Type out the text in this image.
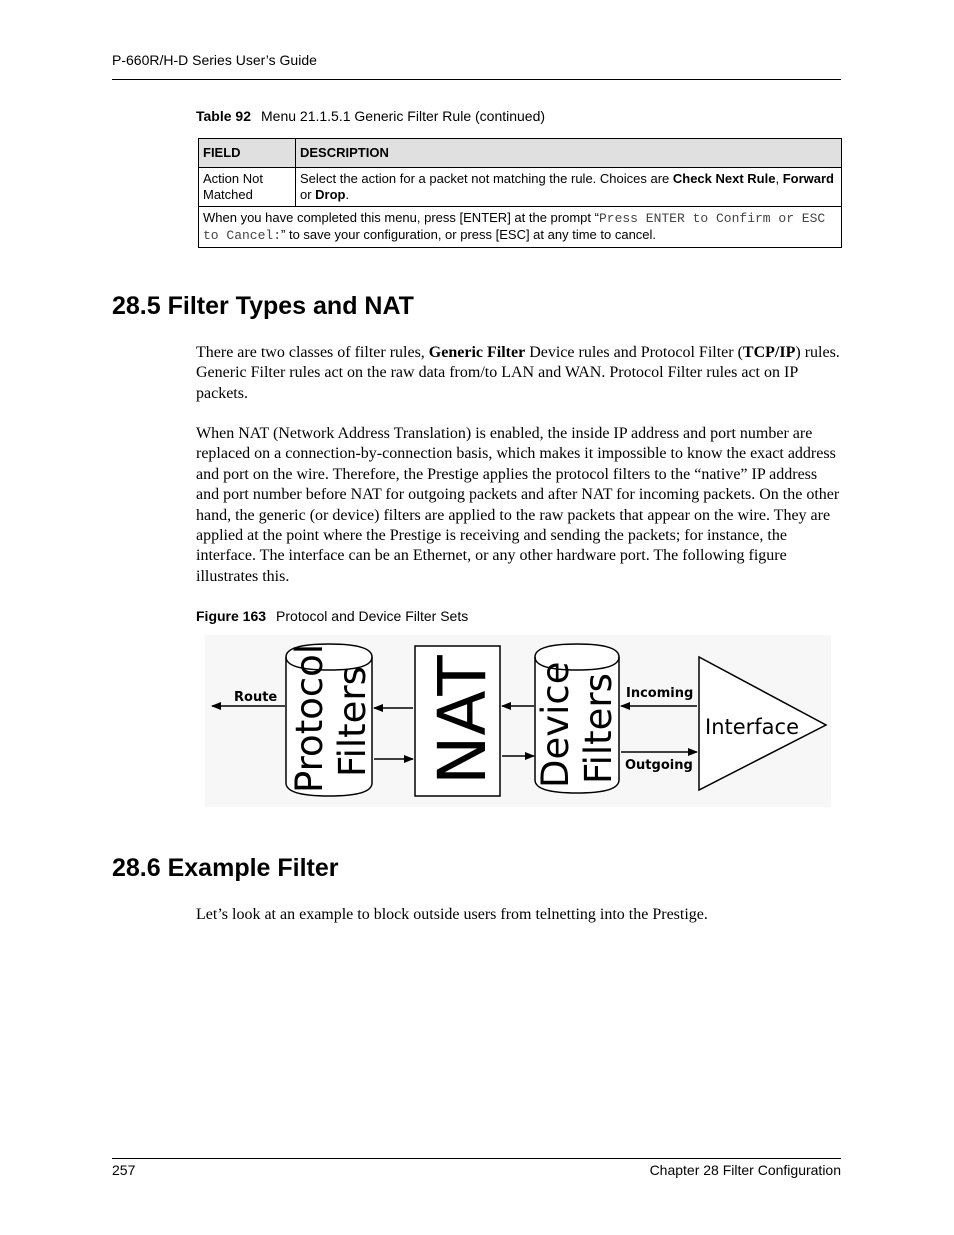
P-660R/H-D Series User’s Guide
Table 92 Menu 21.1.5.1 Generic Filter Rule (continued)
FIELD	DESCRIPTION
Action Not Matched	Select the action for a packet not matching the rule. Choices are Check Next Rule, Forward or Drop.
When you have completed this menu, press [ENTER] at the prompt “Press ENTER to Confirm or ESC to Cancel:” to save your configuration, or press [ESC] at any time to cancel.	
28.5 Filter Types and NAT

There are two classes of filter rules, Generic Filter Device rules and Protocol Filter (TCP/IP) rules. Generic Filter rules act on the raw data from/to LAN and WAN. Protocol Filter rules act on IP packets.

When NAT (Network Address Translation) is enabled, the inside IP address and port number are replaced on a connection-by-connection basis, which makes it impossible to know the exact address and port on the wire. Therefore, the Prestige applies the protocol filters to the “native” IP address and port number before NAT for outgoing packets and after NAT for incoming packets. On the other hand, the generic (or device) filters are applied to the raw packets that appear on the wire. They are applied at the point where the Prestige is receiving and sending the packets; for instance, the interface. The interface can be an Ethernet, or any other hardware port. The following figure illustrates this.

Figure 163 Protocol and Device Filter Sets
Route Protocol Filters NAT Device Filters Incoming
Outgoing
Interface
28.6 Example Filter

Let’s look at an example to block outside users from telnetting into the Prestige.

257	Chapter 28 Filter Configuration
